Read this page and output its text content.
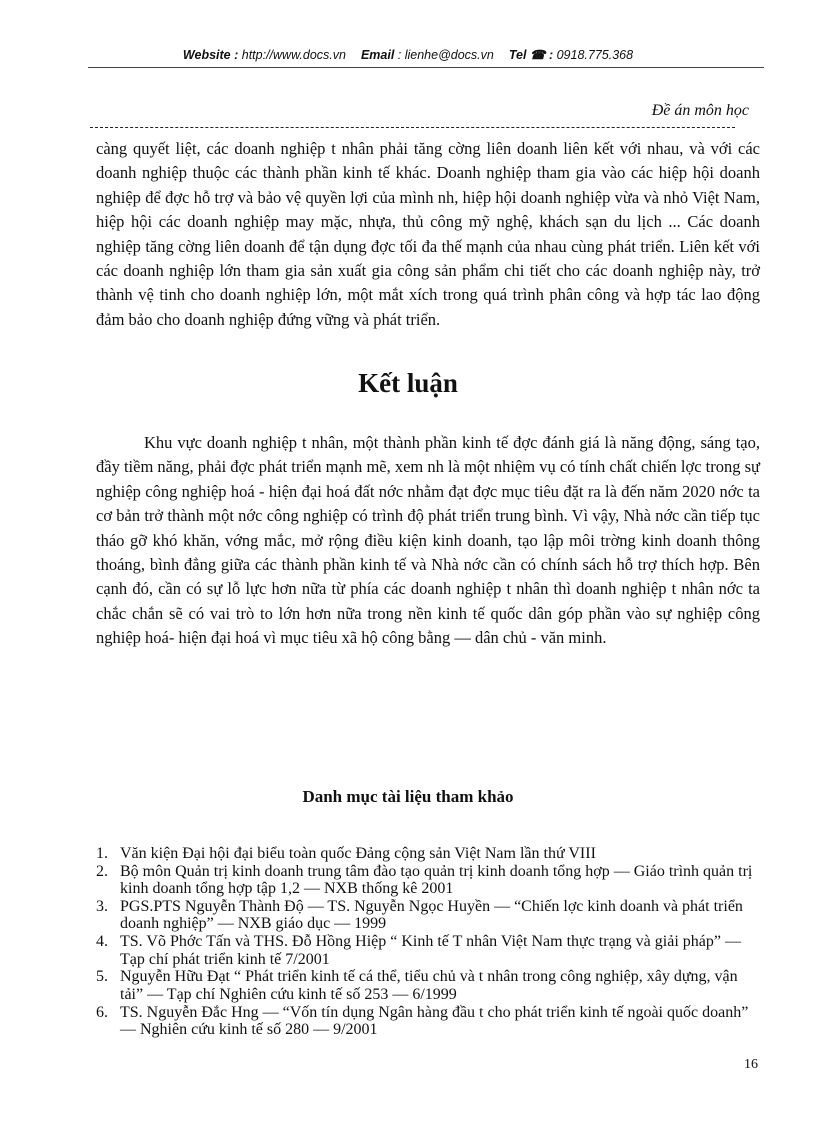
Website : http://www.docs.vn Email : lienhe@docs.vn Tel ☎ : 0918.775.368
Đề án môn học

càng quyết liệt, các doanh nghiệp t nhân phải tăng cờng liên doanh liên kết với nhau, và với các doanh nghiệp thuộc các thành phần kinh tế khác. Doanh nghiệp tham gia vào các hiệp hội doanh nghiệp để đợc hỗ trợ và bảo vệ quyền lợi của mình nh, hiệp hội doanh nghiệp vừa và nhỏ Việt Nam, hiệp hội các doanh nghiệp may mặc, nhựa, thủ công mỹ nghệ, khách sạn du lịch ... Các doanh nghiệp tăng cờng liên doanh để tận dụng đợc tối đa thế mạnh của nhau cùng phát triển. Liên kết với các doanh nghiệp lớn tham gia sản xuất gia công sản phẩm chi tiết cho các doanh nghiệp này, trở thành vệ tinh cho doanh nghiệp lớn, một mắt xích trong quá trình phân công và hợp tác lao động đảm bảo cho doanh nghiệp đứng vững và phát triển.

Kết luận

Khu vực doanh nghiệp t nhân, một thành phần kinh tế đợc đánh giá là năng động, sáng tạo, đầy tiềm năng, phải đợc phát triển mạnh mẽ, xem nh là một nhiệm vụ có tính chất chiến lợc trong sự nghiệp công nghiệp hoá - hiện đại hoá đất nớc nhằm đạt đợc mục tiêu đặt ra là đến năm 2020 nớc ta cơ bản trở thành một nớc công nghiệp có trình độ phát triển trung bình. Vì vậy, Nhà nớc cần tiếp tục tháo gỡ khó khăn, vớng mắc, mở rộng điều kiện kinh doanh, tạo lập môi trờng kinh doanh thông thoáng, bình đẳng giữa các thành phần kinh tế và Nhà nớc cần có chính sách hỗ trợ thích hợp. Bên cạnh đó, cần có sự lỗ lực hơn nữa từ phía các doanh nghiệp t nhân thì doanh nghiệp t nhân nớc ta chắc chắn sẽ có vai trò to lớn hơn nữa trong nền kinh tế quốc dân góp phần vào sự nghiệp công nghiệp hoá- hiện đại hoá vì mục tiêu xã hộ công bằng — dân chủ - văn minh.

Danh mục tài liệu tham khảo
1. Văn kiện Đại hội đại biểu toàn quốc Đảng cộng sản Việt Nam lần thứ VIII
2. Bộ môn Quản trị kinh doanh trung tâm đào tạo quản trị kinh doanh tổng hợp — Giáo trình quản trị kinh doanh tổng hợp tập 1,2 — NXB thống kê 2001
3. PGS.PTS Nguyễn Thành Độ — TS. Nguyễn Ngọc Huyền — “Chiến lợc kinh doanh và phát triển doanh nghiệp” — NXB giáo dục — 1999
4. TS. Võ Phớc Tấn và THS. Đỗ Hồng Hiệp “ Kinh tế T nhân Việt Nam thực trạng và giải pháp” — Tạp chí phát triển kinh tế 7/2001
5. Nguyễn Hữu Đạt “ Phát triển kinh tế cá thể, tiểu chủ và t nhân trong công nghiệp, xây dựng, vận tải” — Tạp chí Nghiên cứu kinh tế số 253 — 6/1999
6. TS. Nguyễn Đắc Hng — “Vốn tín dụng Ngân hàng đầu t cho phát triển kinh tế ngoài quốc doanh” — Nghiên cứu kinh tế số 280 — 9/2001
16
